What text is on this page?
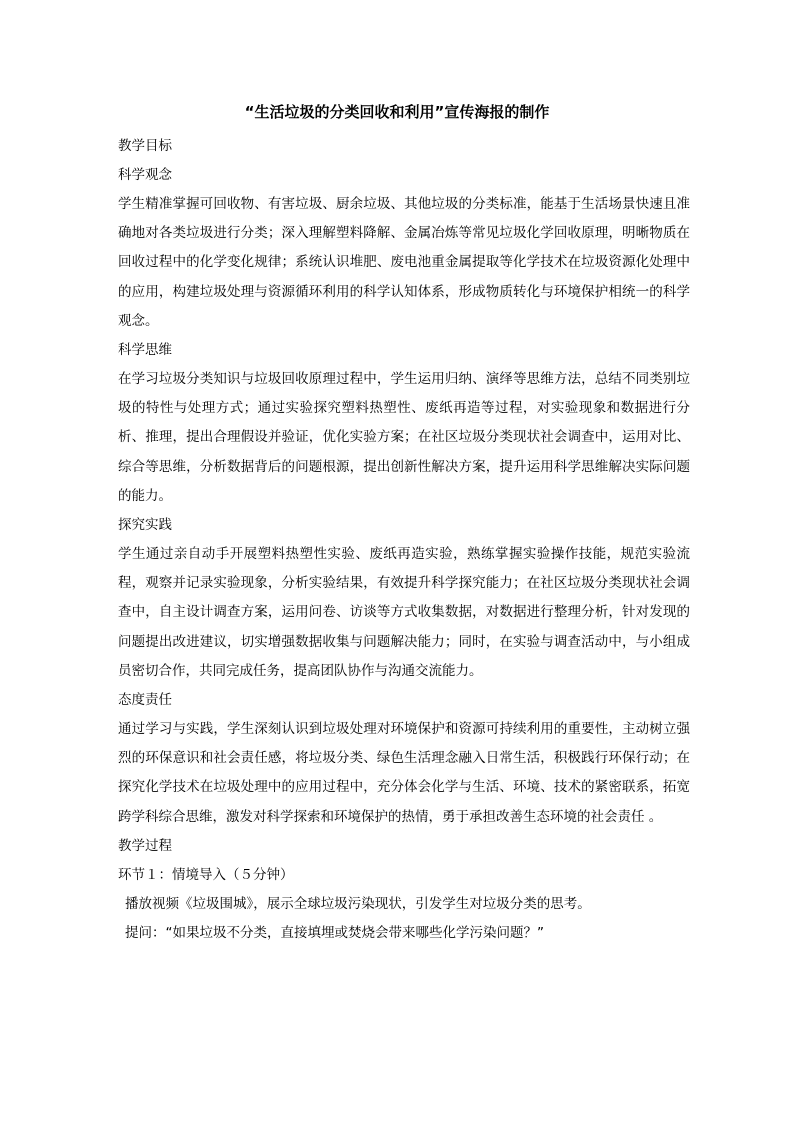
“生活垃圾的分类回收和利用”宣传海报的制作
教学目标
科学观念

学生精准掌握可回收物、有害垃圾、厨余垃圾、其他垃圾的分类标准，能基于生活场景快速且准确地对各类垃圾进行分类；深入理解塑料降解、金属冶炼等常见垃圾化学回收原理，明晰物质在回收过程中的化学变化规律；系统认识堆肥、废电池重金属提取等化学技术在垃圾资源化处理中的应用，构建垃圾处理与资源循环利用的科学认知体系，形成物质转化与环境保护相统一的科学观念。

科学思维

在学习垃圾分类知识与垃圾回收原理过程中，学生运用归纳、演绎等思维方法，总结不同类别垃圾的特性与处理方式；通过实验探究塑料热塑性、废纸再造等过程，对实验现象和数据进行分析、推理，提出合理假设并验证，优化实验方案；在社区垃圾分类现状社会调查中，运用对比、综合等思维，分析数据背后的问题根源，提出创新性解决方案，提升运用科学思维解决实际问题的能力。

探究实践

学生通过亲自动手开展塑料热塑性实验、废纸再造实验，熟练掌握实验操作技能，规范实验流程，观察并记录实验现象，分析实验结果，有效提升科学探究能力；在社区垃圾分类现状社会调查中，自主设计调查方案，运用问卷、访谈等方式收集数据，对数据进行整理分析，针对发现的问题提出改进建议，切实增强数据收集与问题解决能力；同时，在实验与调查活动中，与小组成员密切合作，共同完成任务，提高团队协作与沟通交流能力。

态度责任

通过学习与实践，学生深刻认识到垃圾处理对环境保护和资源可持续利用的重要性，主动树立强烈的环保意识和社会责任感，将垃圾分类、绿色生活理念融入日常生活，积极践行环保行动；在探究化学技术在垃圾处理中的应用过程中，充分体会化学与生活、环境、技术的紧密联系，拓宽跨学科综合思维，激发对科学探索和环境保护的热情，勇于承担改善生态环境的社会责任 。

教学过程
环节１：情境导入（５分钟）
播放视频《垃圾围城》，展示全球垃圾污染现状，引发学生对垃圾分类的思考。
提问：“如果垃圾不分类，直接填埋或焚烧会带来哪些化学污染问题？”
